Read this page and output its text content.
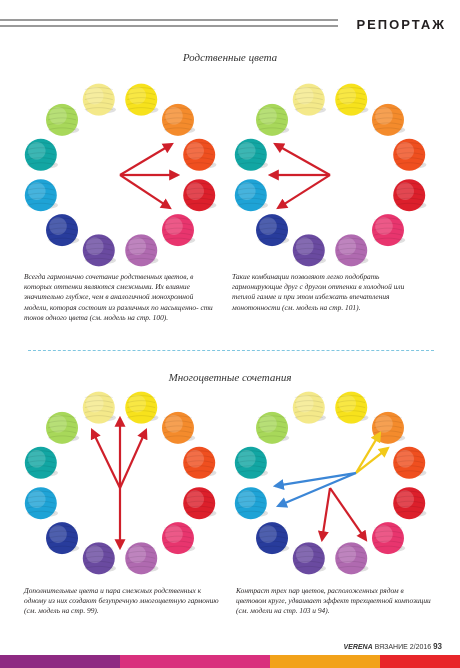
РЕПОРТАЖ
Родственные цвета
Всегда гармонично сочетание родственных цветов, в которых оттенки являются смежными. Их влияние значительно глубже, чем в аналогичной монохромной модели, которая состоит из различных по насыщенно- сти тонов одного цвета (см. модель на стр. 100).
Такие комбинации позволяют легко подобрать гармонирующие друг с другом оттенки в холодной или теплой гамме и при этом избежать впечатления монотонности (см. модель на стр. 101).
Многоцветные сочетания
Дополнительные цвета и пара смежных родственных к одному из них создают безупречную многоцветную гармонию (см. модель на стр. 99).
Контраст трех пар цветов, расположенных рядом в цветовом круге, удваивает эффект трехцветной композиции (см. модели на стр. 103 и 94).
VERENA ВЯЗАНИЕ 2/2016 93
